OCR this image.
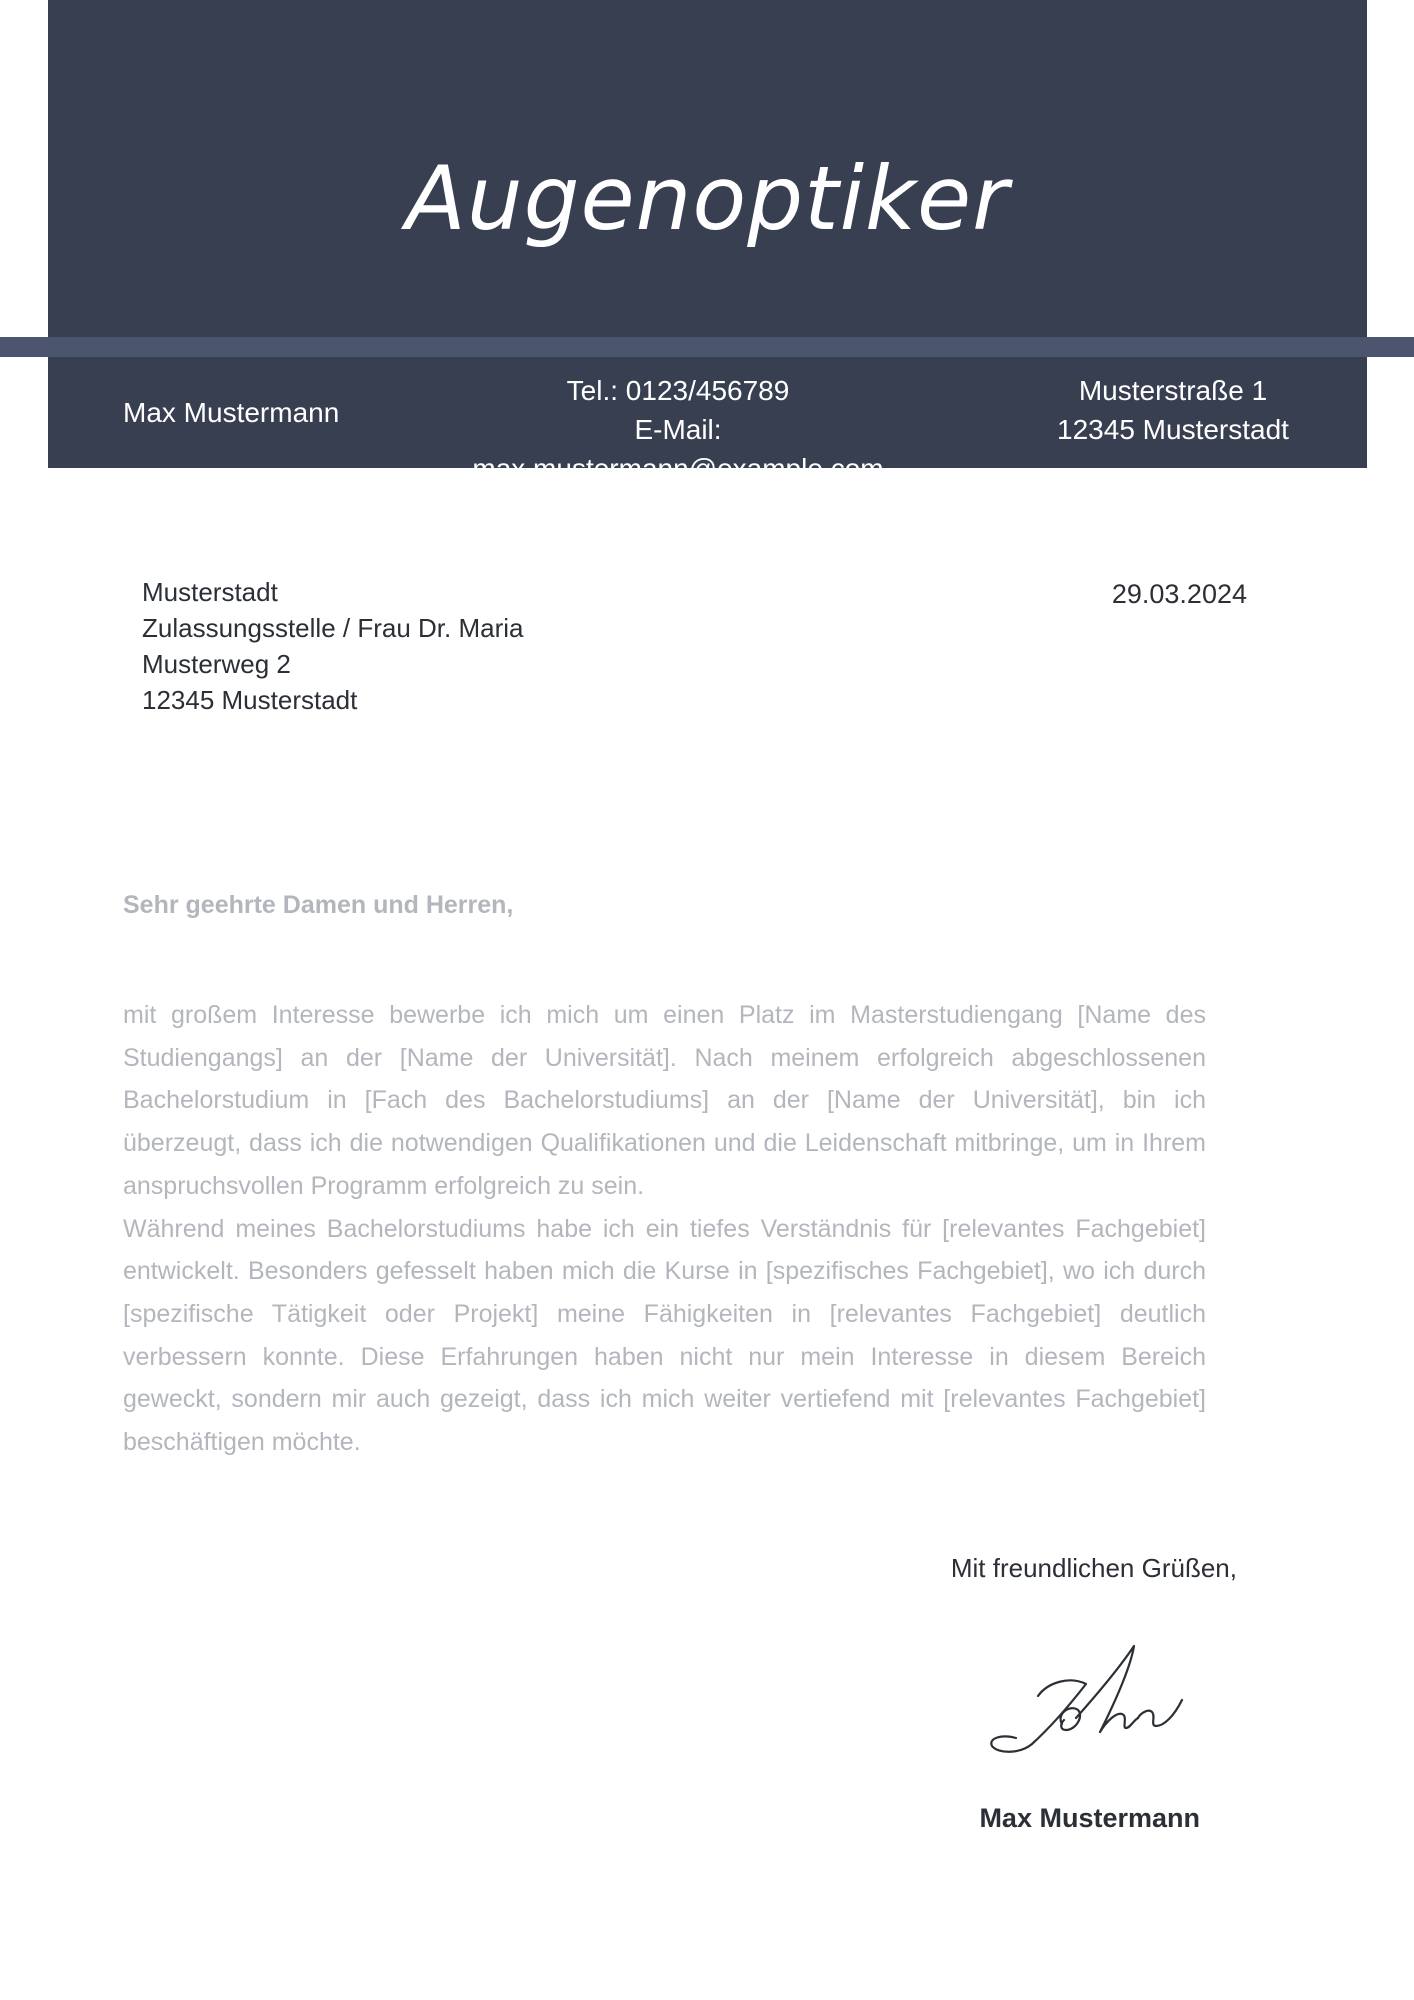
Augenoptiker
Max Mustermann
Tel.: 0123/456789
E-Mail: max.mustermann@example.com
Musterstraße 1
12345 Musterstadt
Musterstadt
Zulassungsstelle / Frau Dr. Maria
Musterweg 2
12345 Musterstadt
29.03.2024
Sehr geehrte Damen und Herren,

mit großem Interesse bewerbe ich mich um einen Platz im Masterstudiengang [Name des Studiengangs] an der [Name der Universität]. Nach meinem erfolgreich abgeschlossenen Bachelorstudium in [Fach des Bachelorstudiums] an der [Name der Universität], bin ich überzeugt, dass ich die notwendigen Qualifikationen und die Leidenschaft mitbringe, um in Ihrem anspruchsvollen Programm erfolgreich zu sein.

Während meines Bachelorstudiums habe ich ein tiefes Verständnis für [relevantes Fachgebiet] entwickelt. Besonders gefesselt haben mich die Kurse in [spezifisches Fachgebiet], wo ich durch [spezifische Tätigkeit oder Projekt] meine Fähigkeiten in [relevantes Fachgebiet] deutlich verbessern konnte. Diese Erfahrungen haben nicht nur mein Interesse in diesem Bereich geweckt, sondern mir auch gezeigt, dass ich mich weiter vertiefend mit [relevantes Fachgebiet] beschäftigen möchte.

Mit freundlichen Grüßen,
Max Mustermann
